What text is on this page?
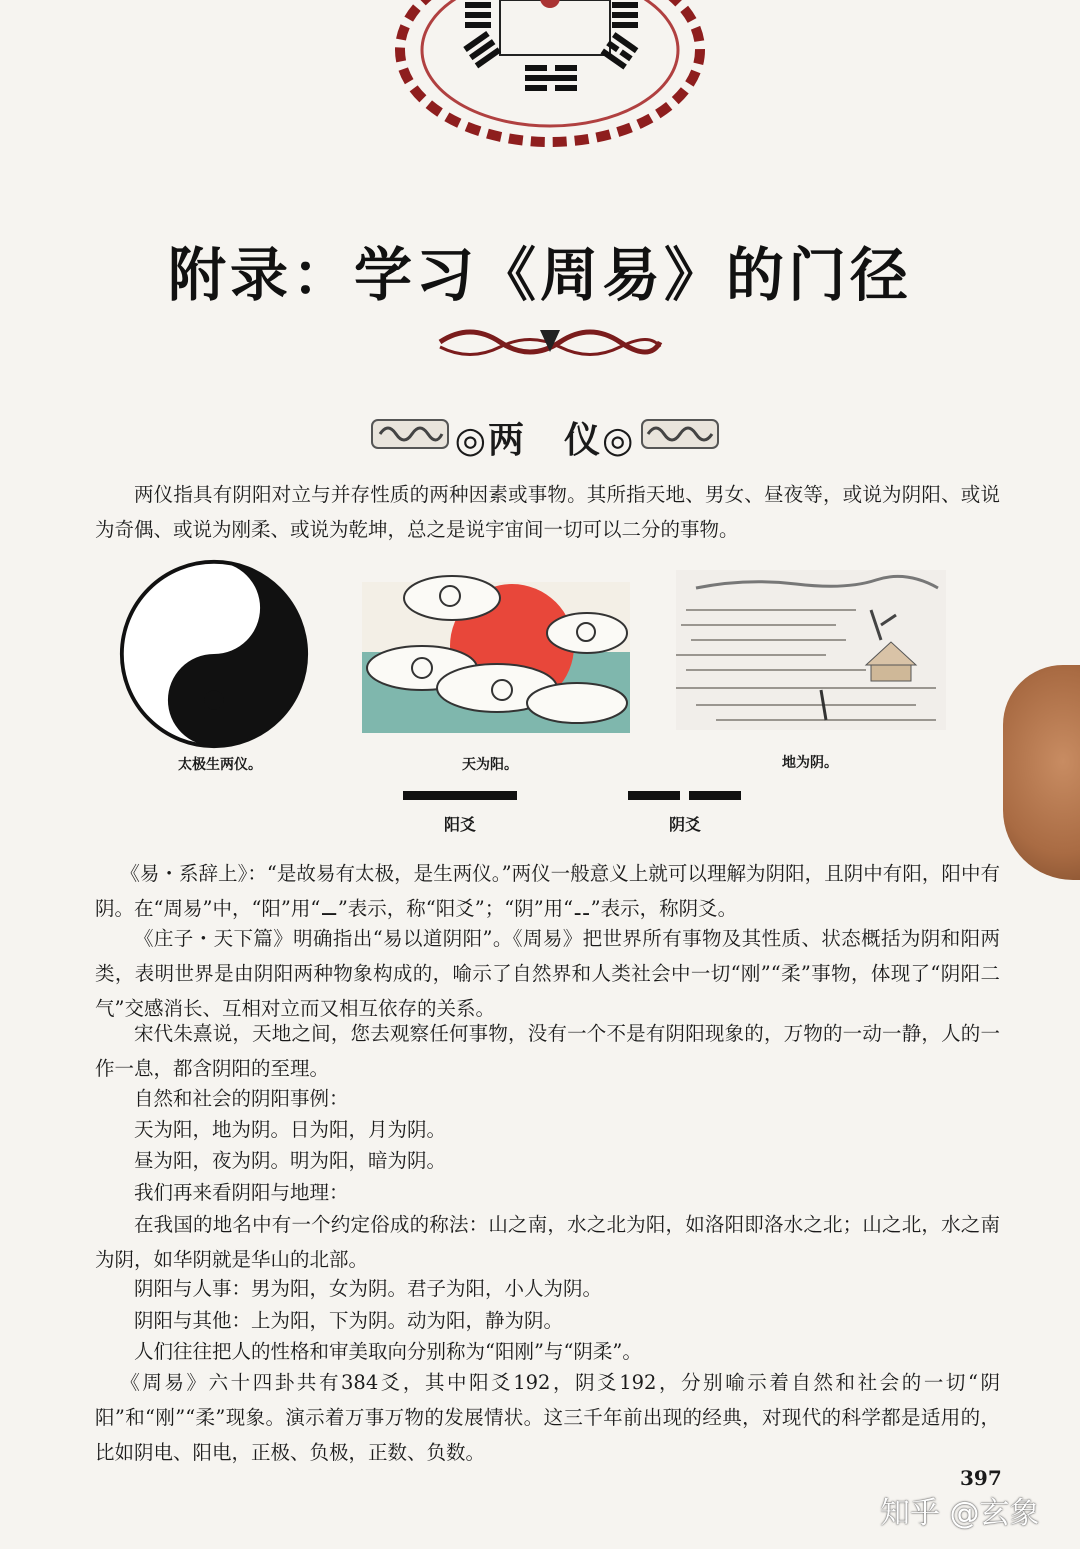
附录：学习《周易》的门径
◎两　仪◎
两仪指具有阴阳对立与并存性质的两种因素或事物。其所指天地、男女、昼夜等，或说为阴阳、或说为奇偶、或说为刚柔、或说为乾坤，总之是说宇宙间一切可以二分的事物。
太极生两仪。	天为阳。	地为阴。
阳爻	阴爻
《易・系辞上》：“是故易有太极，是生两仪。”两仪一般意义上就可以理解为阴阳，且阴中有阳，阳中有阴。在“周易”中，“阳”用“⚊”表示，称“阳爻”；“阴”用“⚋”表示，称阴爻。
《庄子・天下篇》明确指出“易以道阴阳”。《周易》把世界所有事物及其性质、状态概括为阴和阳两类，表明世界是由阴阳两种物象构成的，喻示了自然界和人类社会中一切“刚”“柔”事物，体现了“阴阳二气”交感消长、互相对立而又相互依存的关系。
宋代朱熹说，天地之间，您去观察任何事物，没有一个不是有阴阳现象的，万物的一动一静，人的一作一息，都含阴阳的至理。
自然和社会的阴阳事例：
天为阳，地为阴。日为阳，月为阴。
昼为阳，夜为阴。明为阳，暗为阴。
我们再来看阴阳与地理：
在我国的地名中有一个约定俗成的称法：山之南，水之北为阳，如洛阳即洛水之北；山之北，水之南为阴，如华阴就是华山的北部。
阴阳与人事：男为阳，女为阴。君子为阳，小人为阴。
阴阳与其他：上为阳，下为阴。动为阳，静为阴。
人们往往把人的性格和审美取向分别称为“阳刚”与“阴柔”。
《周易》六十四卦共有384爻，其中阳爻192，阴爻192，分别喻示着自然和社会的一切“阴阳”和“刚”“柔”现象。演示着万事万物的发展情状。这三千年前出现的经典，对现代的科学都是适用的，比如阴电、阳电，正极、负极，正数、负数。
397
知乎 @玄象
